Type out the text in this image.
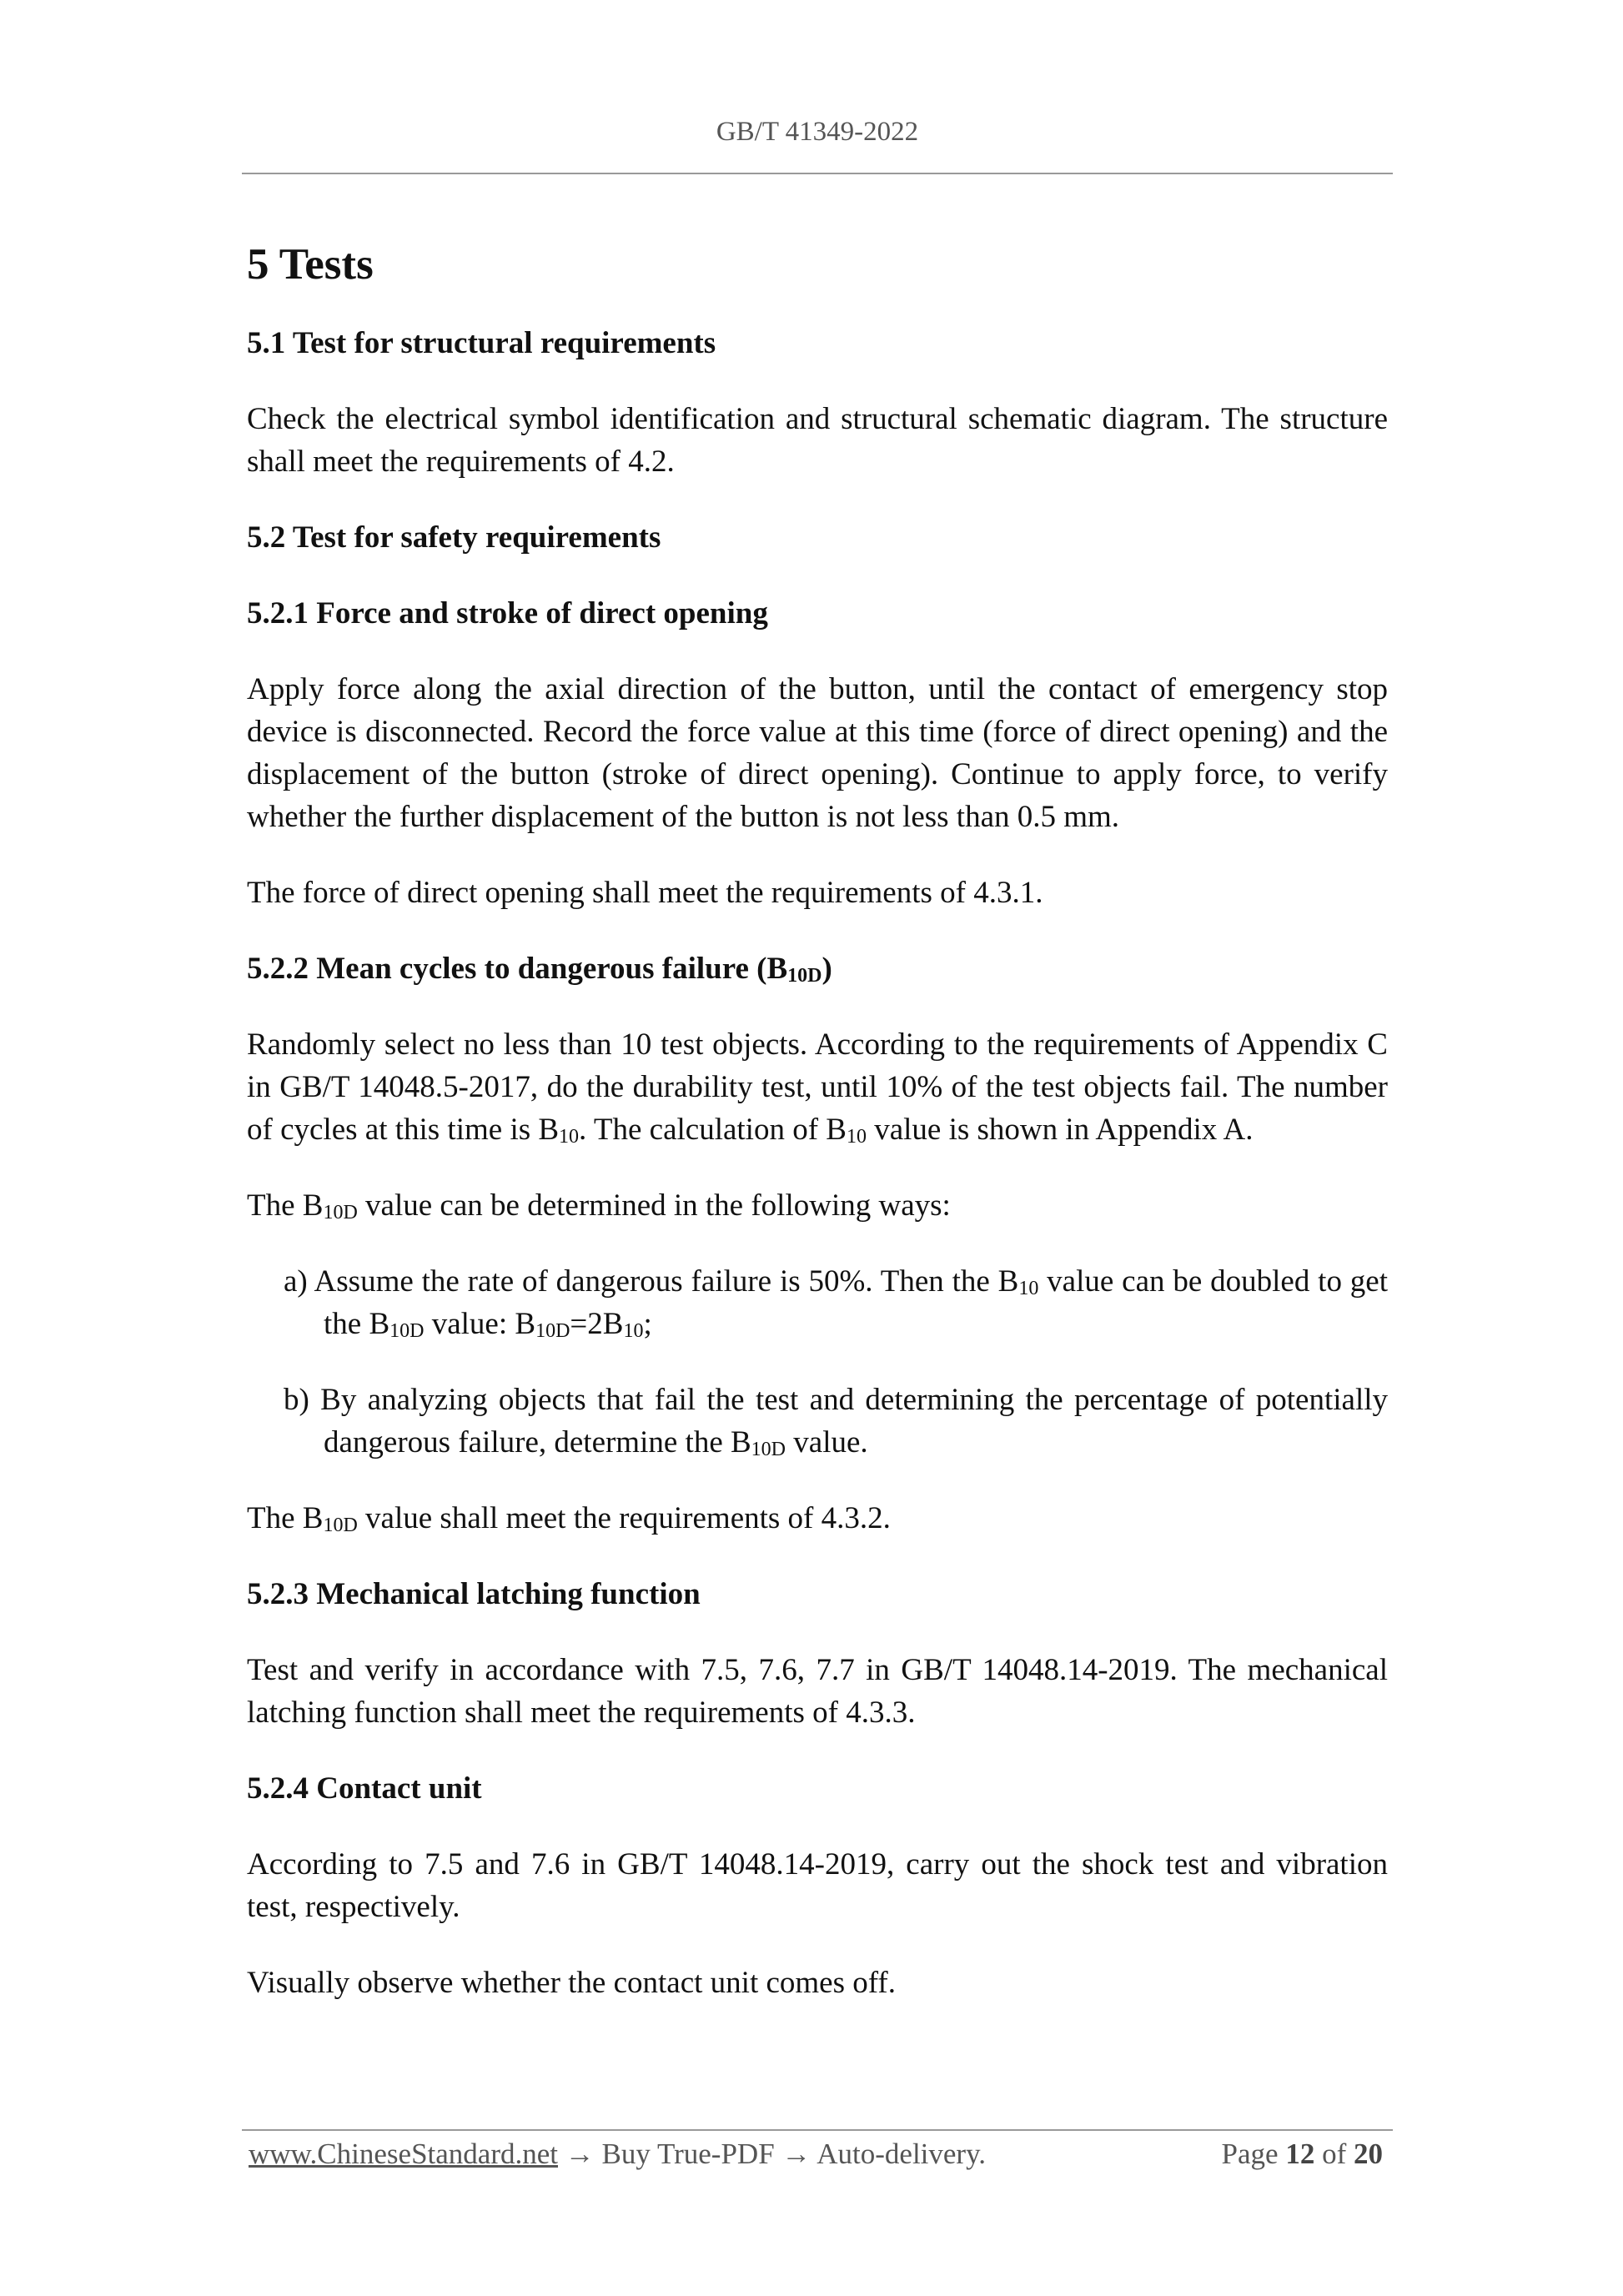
GB/T 41349-2022
5 Tests
5.1 Test for structural requirements

Check the electrical symbol identification and structural schematic diagram. The structure shall meet the requirements of 4.2.

5.2 Test for safety requirements
5.2.1 Force and stroke of direct opening

Apply force along the axial direction of the button, until the contact of emergency stop device is disconnected. Record the force value at this time (force of direct opening) and the displacement of the button (stroke of direct opening). Continue to apply force, to verify whether the further displacement of the button is not less than 0.5 mm.

The force of direct opening shall meet the requirements of 4.3.1.

5.2.2 Mean cycles to dangerous failure $(B_{10D})$

Randomly select no less than 10 test objects. According to the requirements of Appendix C in GB/T 14048.5-2017, do the durability test, until 10% of the test objects fail. The number of cycles at this time is $B_{10}$. The calculation of $B_{10}$ value is shown in Appendix A.

The $B_{10D}$ value can be determined in the following ways:

a) Assume the rate of dangerous failure is 50%. Then the $B_{10}$ value can be doubled to get the $B_{10D}$ value: $B_{10D}=2B_{10}$;
b) By analyzing objects that fail the test and determining the percentage of potentially dangerous failure, determine the $B_{10D}$ value.

The $B_{10D}$ value shall meet the requirements of 4.3.2.

5.2.3 Mechanical latching function

Test and verify in accordance with 7.5, 7.6, 7.7 in GB/T 14048.14-2019. The mechanical latching function shall meet the requirements of 4.3.3.

5.2.4 Contact unit

According to 7.5 and 7.6 in GB/T 14048.14-2019, carry out the shock test and vibration test, respectively.

Visually observe whether the contact unit comes off.

www.ChineseStandard.net → Buy True-PDF → Auto-delivery.	Page 12 of 20
